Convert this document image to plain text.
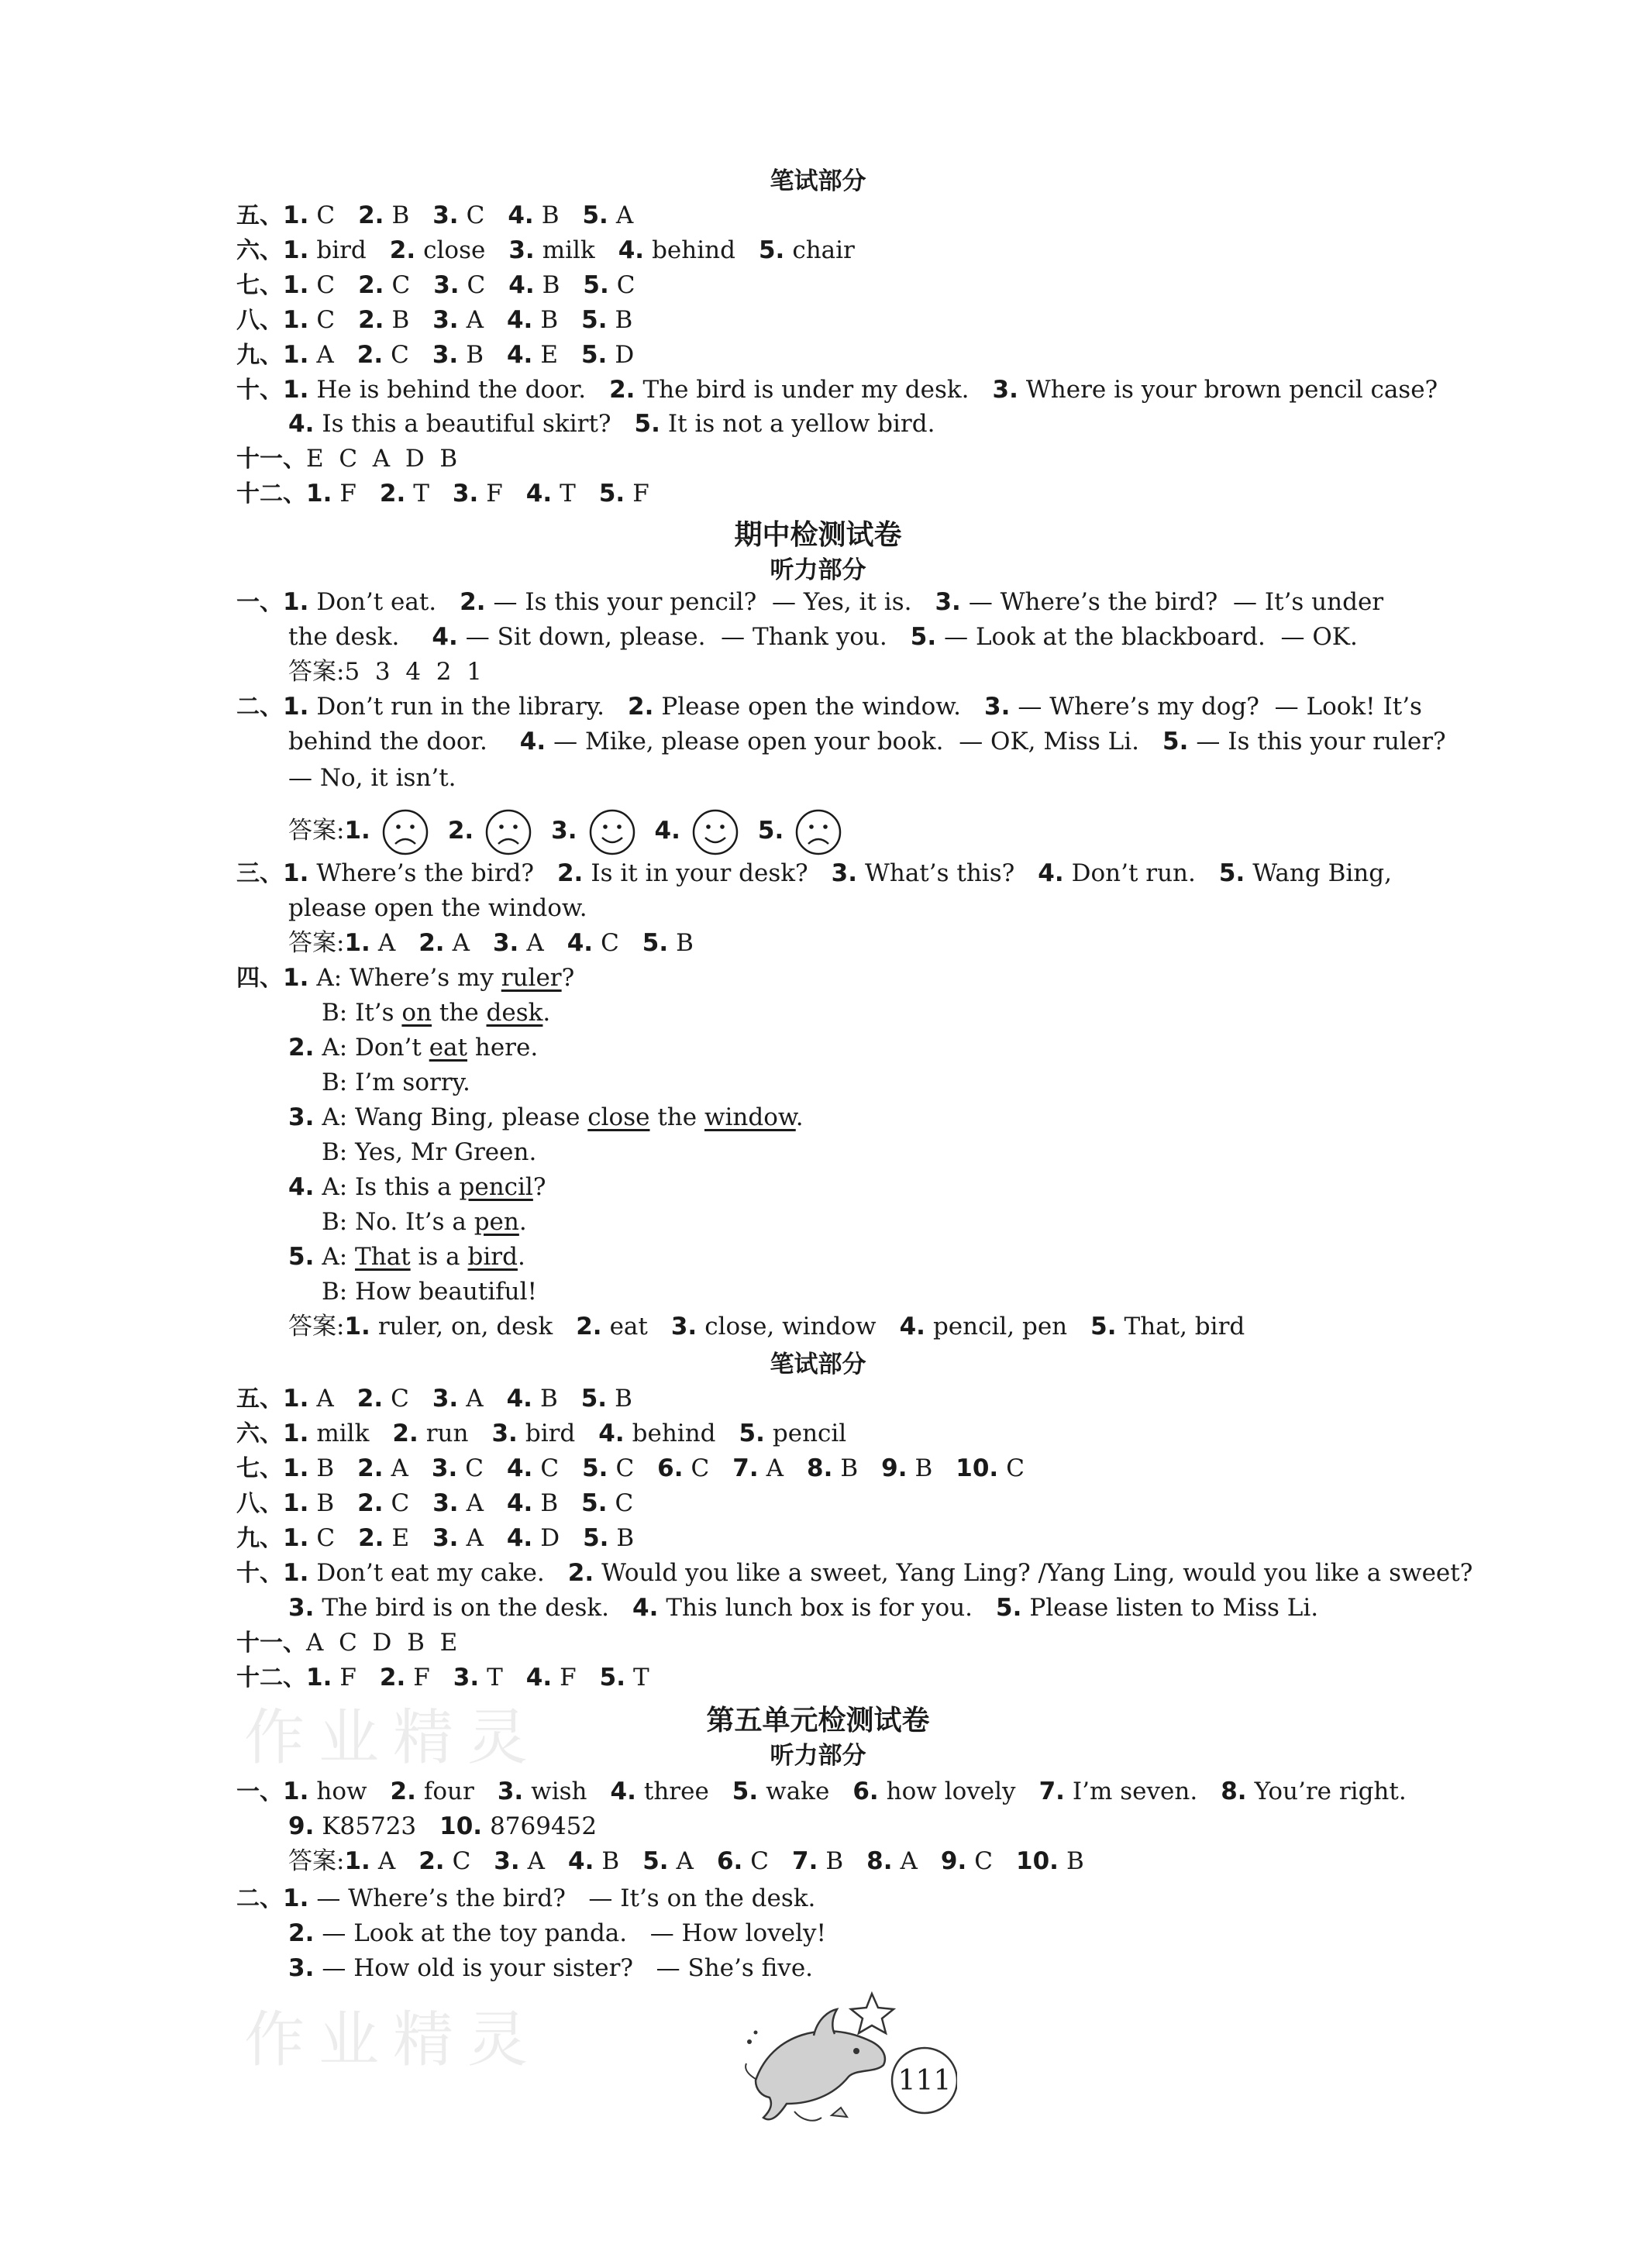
笔试部分
五、1. C 2. B 3. C 4. B 5. A
六、1. bird 2. close 3. milk 4. behind 5. chair
七、1. C 2. C 3. C 4. B 5. C
八、1. C 2. B 3. A 4. B 5. B
九、1. A 2. C 3. B 4. E 5. D
十、1. He is behind the door. 2. The bird is under my desk. 3. Where is your brown pencil case?
4. Is this a beautiful skirt? 5. It is not a yellow bird.
十一、E  C  A  D  B
十二、1. F 2. T 3. F 4. T 5. F
期中检测试卷
听力部分
一、1. Don’t eat. 2. — Is this your pencil?  — Yes, it is. 3. — Where’s the bird?  — It’s under
the desk. 4. — Sit down, please.  — Thank you. 5. — Look at the blackboard.  — OK.
答案:5  3  4  2  1
二、1. Don’t run in the library. 2. Please open the window. 3. — Where’s my dog?  — Look! It’s
behind the door. 4. — Mike, please open your book.  — OK, Miss Li. 5. — Is this your ruler?
— No, it isn’t.
答案:1.	2.	3.	4.	5.
三、1. Where’s the bird? 2. Is it in your desk? 3. What’s this? 4. Don’t run. 5. Wang Bing,
please open the window.
答案:1. A 2. A 3. A 4. C 5. B
四、1. A: Where’s my ruler?
B: It’s on the desk.
2. A: Don’t eat here.
B: I’m sorry.
3. A: Wang Bing, please close the window.
B: Yes, Mr Green.
4. A: Is this a pencil?
B: No. It’s a pen.
5. A: That is a bird.
B: How beautiful!
答案:1. ruler, on, desk 2. eat 3. close, window 4. pencil, pen 5. That, bird
笔试部分
五、1. A 2. C 3. A 4. B 5. B
六、1. milk 2. run 3. bird 4. behind 5. pencil
七、1. B 2. A 3. C 4. C 5. C 6. C 7. A 8. B 9. B 10. C
八、1. B 2. C 3. A 4. B 5. C
九、1. C 2. E 3. A 4. D 5. B
十、1. Don’t eat my cake. 2. Would you like a sweet, Yang Ling? /Yang Ling, would you like a sweet?
3. The bird is on the desk. 4. This lunch box is for you. 5. Please listen to Miss Li.
十一、A  C  D  B  E
十二、1. F 2. F 3. T 4. F 5. T
第五单元检测试卷
听力部分
一、1. how 2. four 3. wish 4. three 5. wake 6. how lovely 7. I’m seven. 8. You’re right.
9. K85723 10. 8769452
答案:1. A 2. C 3. A 4. B 5. A 6. C 7. B 8. A 9. C 10. B
二、1. — Where’s the bird?   — It’s on the desk.
2. — Look at the toy panda.   — How lovely!
3. — How old is your sister?   — She’s five.
作业精灵
作业精灵
111
